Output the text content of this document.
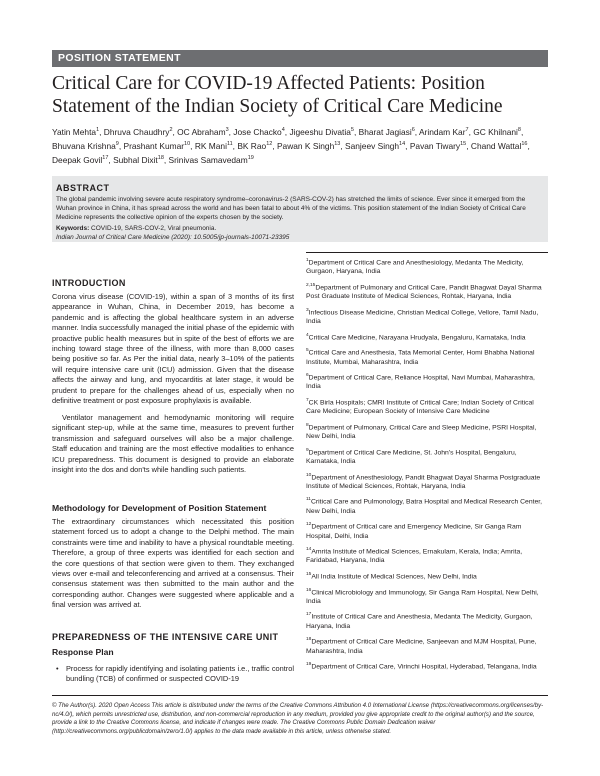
POSITION STATEMENT
Critical Care for COVID-19 Affected Patients: Position Statement of the Indian Society of Critical Care Medicine

Yatin Mehta$^1$, Dhruva Chaudhry$^2$, OC Abraham$^3$, Jose Chacko$^4$, Jigeeshu Divatia$^5$, Bharat Jagiasi$^6$, Arindam Kar$^7$, GC Khilnani$^8$, Bhuvana Krishna$^9$, Prashant Kumar$^{10}$, RK Mani$^{11}$, BK Rao$^{12}$, Pawan K Singh$^{13}$, Sanjeev Singh$^{14}$, Pavan Tiwary$^{15}$, Chand Wattal$^{16}$, Deepak Govil$^{17}$, Subhal Dixit$^{18}$, Srinivas Samavedam$^{19}$

ABSTRACT

The global pandemic involving severe acute respiratory syndrome–coronavirus-2 (SARS-COV-2) has stretched the limits of science. Ever since it emerged from the Wuhan province in China, it has spread across the world and has been fatal to about 4% of the victims. This position statement of the Indian Society of Critical Care Medicine represents the collective opinion of the experts chosen by the society.

Keywords: COVID-19, SARS-COV-2, Viral pneumonia.

Indian Journal of Critical Care Medicine (2020): 10.5005/jp-journals-10071-23395

INTRODUCTION

Corona virus disease (COVID-19), within a span of 3 months of its first appearance in Wuhan, China, in December 2019, has become a pandemic and is affecting the global healthcare system in an adverse manner. India successfully managed the initial phase of the epidemic with proactive public health measures but in spite of the best of efforts we are inching toward stage three of the illness, with more than 8,000 cases being positive so far. As Per the initial data, nearly 3–10% of the patients will require intensive care unit (ICU) admission. Given that the disease affects the airway and lung, and myocarditis at later stage, it would be prudent to prepare for the challenges ahead of us, especially when no definitive treatment or post exposure prophylaxis is available.

Ventilator management and hemodynamic monitoring will require significant step-up, while at the same time, measures to prevent further transmission and safeguard ourselves will also be a major challenge. Staff education and training are the most effective modalities to enhance ICU preparedness. This document is designed to provide an elaborate insight into the dos and don'ts while handling such patients.

Methodology for Development of Position Statement

The extraordinary circumstances which necessitated this position statement forced us to adopt a change to the Delphi method. The main constraints were time and inability to have a physical roundtable meeting. Therefore, a group of three experts was identified for each section and the core questions of that section were given to them. They exchanged views over e-mail and teleconferencing and arrived at a consensus. Their consensus statement was then submitted to the main author and the corresponding author. Changes were suggested where applicable and a final version was arrived at.

PREPAREDNESS OF THE INTENSIVE CARE UNIT

Response Plan

• Process for rapidly identifying and isolating patients i.e., traffic control bundling (TCB) of confirmed or suspected COVID-19

$^1$Department of Critical Care and Anesthesiology, Medanta The Medicity, Gurgaon, Haryana, India
$^{2,15}$Department of Pulmonary and Critical Care, Pandit Bhagwat Dayal Sharma Post Graduate Institute of Medical Sciences, Rohtak, Haryana, India
$^3$Infectious Disease Medicine, Christian Medical College, Vellore, Tamil Nadu, India
$^4$Critical Care Medicine, Narayana Hrudyala, Bengaluru, Karnataka, India
$^5$Critical Care and Anesthesia, Tata Memorial Center, Homi Bhabha National Institute, Mumbai, Maharashtra, India
$^6$Department of Critical Care, Reliance Hospital, Navi Mumbai, Maharashtra, India
$^7$CK Birla Hospitals; CMRI Institute of Critical Care; Indian Society of Critical Care Medicine; European Society of Intensive Care Medicine
$^8$Department of Pulmonary, Critical Care and Sleep Medicine, PSRI Hospital, New Delhi, India
$^9$Department of Critical Care Medicine, St. John's Hospital, Bengaluru, Karnataka, India
$^{10}$Department of Anesthesiology, Pandit Bhagwat Dayal Sharma Postgraduate Institute of Medical Sciences, Rohtak, Haryana, India
$^{11}$Critical Care and Pulmonology, Batra Hospital and Medical Research Center, New Delhi, India
$^{12}$Department of Critical care and Emergency Medicine, Sir Ganga Ram Hospital, Delhi, India
$^{14}$Amrita Institute of Medical Sciences, Ernakulam, Kerala, India; Amrita, Faridabad, Haryana, India
$^{15}$All India Institute of Medical Sciences, New Delhi, India
$^{16}$Clinical Microbiology and Immunology, Sir Ganga Ram Hospital, New Delhi, India
$^{17}$Institute of Critical Care and Anesthesia, Medanta The Medicity, Gurgaon, Haryana, India
$^{18}$Department of Critical Care Medicine, Sanjeevan and MJM Hospital, Pune, Maharashtra, India
$^{19}$Department of Critical Care, Virinchi Hospital, Hyderabad, Telangana, India

© The Author(s). 2020 Open Access This article is distributed under the terms of the Creative Commons Attribution 4.0 International License (https://creativecommons.org/licenses/by-nc/4.0/), which permits unrestricted use, distribution, and non-commercial reproduction in any medium, provided you give appropriate credit to the original author(s) and the source, provide a link to the Creative Commons license, and indicate if changes were made. The Creative Commons Public Domain Dedication waiver (http://creativecommons.org/publicdomain/zero/1.0/) applies to the data made available in this article, unless otherwise stated.
